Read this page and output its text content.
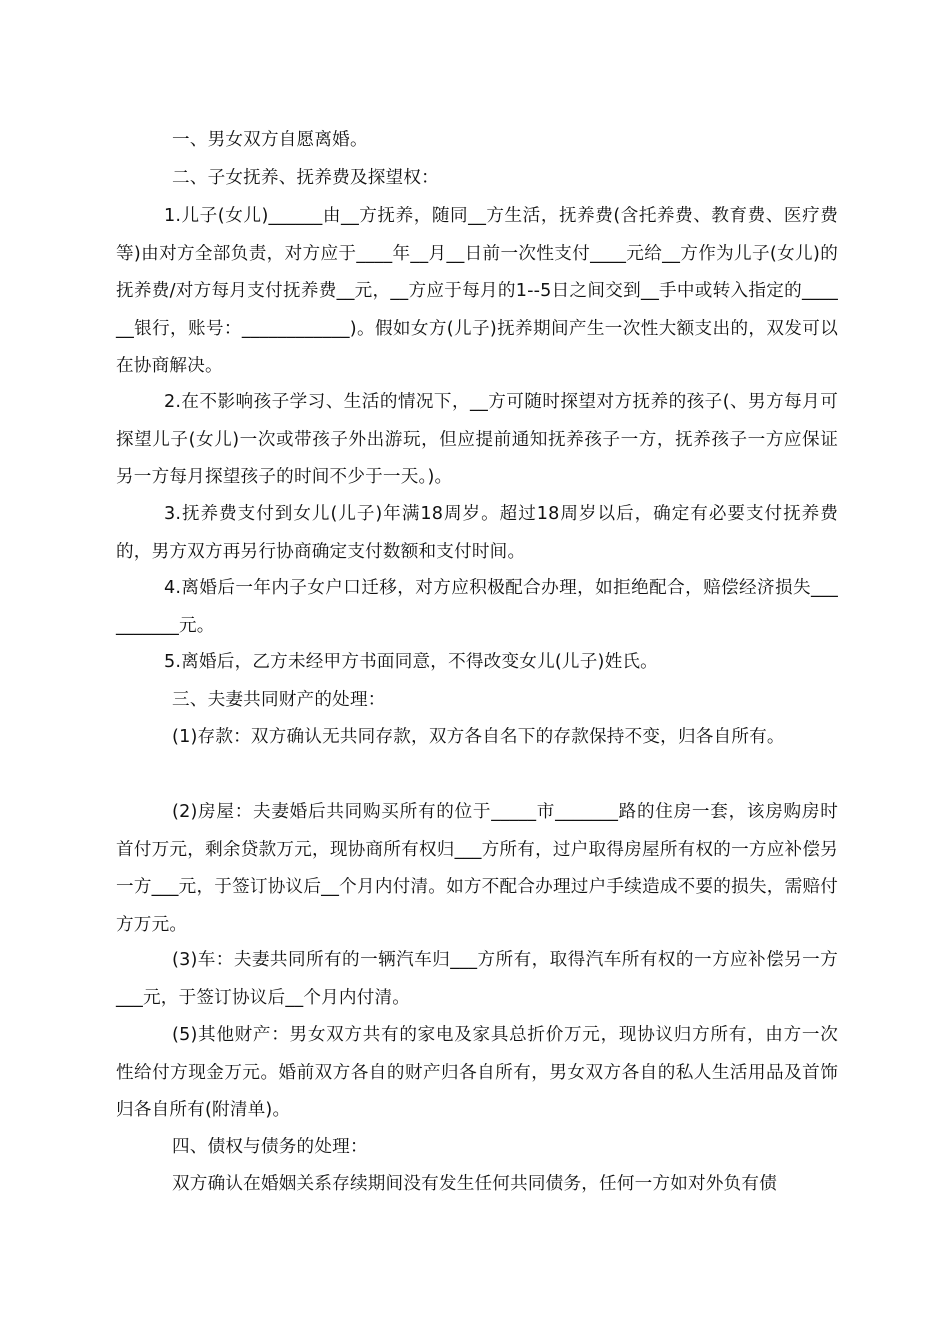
一、男女双方自愿离婚。

二、子女抚养、抚养费及探望权：

1.儿子(女儿)______由__方抚养，随同__方生活，抚养费(含托养费、教育费、医疗费等)由对方全部负责，对方应于____年__月__日前一次性支付____元给__方作为儿子(女儿)的抚养费/对方每月支付抚养费__元，__方应于每月的1--5日之间交到__手中或转入指定的______银行，账号：____________)。假如女方(儿子)抚养期间产生一次性大额支出的，双发可以在协商解决。

2.在不影响孩子学习、生活的情况下，__方可随时探望对方抚养的孩子(、男方每月可探望儿子(女儿)一次或带孩子外出游玩，但应提前通知抚养孩子一方，抚养孩子一方应保证另一方每月探望孩子的时间不少于一天。)。

3.抚养费支付到女儿(儿子)年满18周岁。超过18周岁以后，确定有必要支付抚养费的，男方双方再另行协商确定支付数额和支付时间。

4.离婚后一年内子女户口迁移，对方应积极配合办理，如拒绝配合，赔偿经济损失__________元。

5.离婚后，乙方未经甲方书面同意，不得改变女儿(儿子)姓氏。

三、夫妻共同财产的处理：

(1)存款：双方确认无共同存款，双方各自名下的存款保持不变，归各自所有。

(2)房屋：夫妻婚后共同购买所有的位于_____市_______路的住房一套，该房购房时首付万元，剩余贷款万元，现协商所有权归___方所有，过户取得房屋所有权的一方应补偿另一方___元，于签订协议后__个月内付清。如方不配合办理过户手续造成不要的损失，需赔付方万元。

(3)车：夫妻共同所有的一辆汽车归___方所有，取得汽车所有权的一方应补偿另一方___元，于签订协议后__个月内付清。

(5)其他财产：男女双方共有的家电及家具总折价万元，现协议归方所有，由方一次性给付方现金万元。婚前双方各自的财产归各自所有，男女双方各自的私人生活用品及首饰归各自所有(附清单)。

四、债权与债务的处理：

双方确认在婚姻关系存续期间没有发生任何共同债务，任何一方如对外负有债
